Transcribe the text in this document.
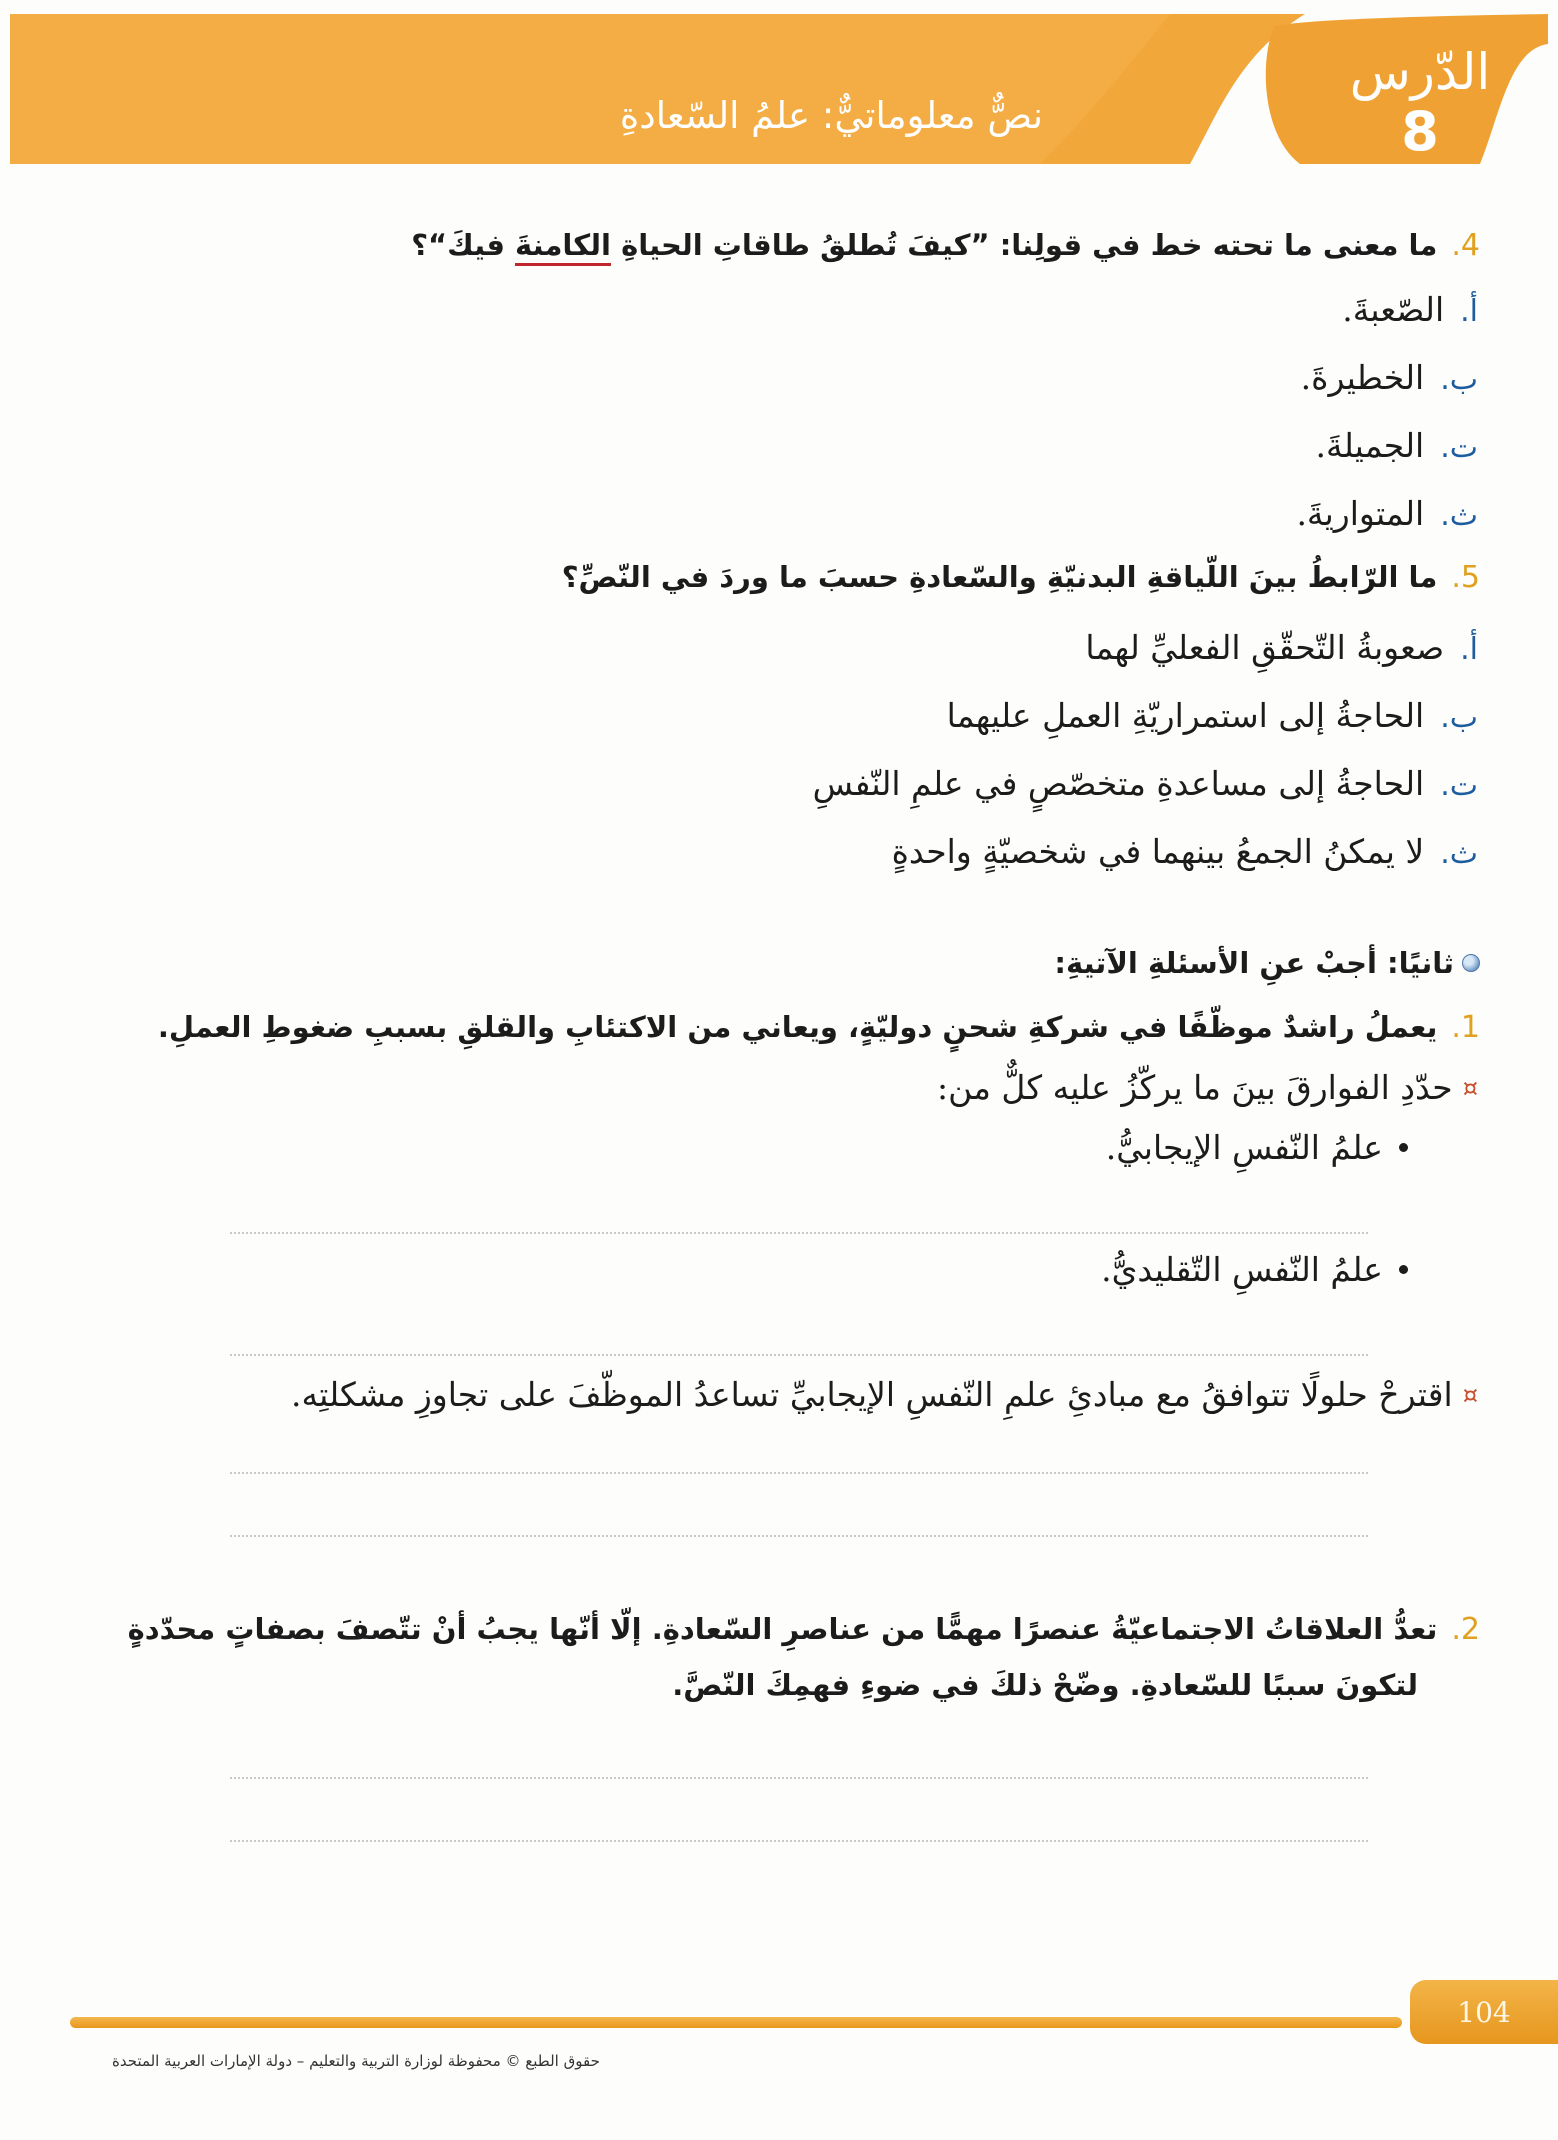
نصٌّ معلوماتيٌّ: علمُ السّعادةِ
الدّرس
8
4.ما معنى ما تحته خط في قولِنا: ”كيفَ تُطلقُ طاقاتِ الحياةِ الكامنةَ فيكَ“؟
أ.الصّعبةَ.
ب.الخطيرةَ.
ت.الجميلةَ.
ث.المتواريةَ.
5.ما الرّابطُ بينَ اللّياقةِ البدنيّةِ والسّعادةِ حسبَ ما وردَ في النّصِّ؟
أ.صعوبةُ التّحقّقِ الفعليِّ لهما
ب.الحاجةُ إلى استمراريّةِ العملِ عليهما
ت.الحاجةُ إلى مساعدةِ متخصّصٍ في علمِ النّفسِ
ث.لا يمكنُ الجمعُ بينهما في شخصيّةٍ واحدةٍ
ثانيًا: أجبْ عنِ الأسئلةِ الآتيةِ:
1.يعملُ راشدٌ موظّفًا في شركةِ شحنٍ دوليّةٍ، ويعاني من الاكتئابِ والقلقِ بسببِ ضغوطِ العملِ.
¤
حدّدِ الفوارقَ بينَ ما يركّزُ عليه كلٌّ من:
علمُ النّفسِ الإيجابيُّ.
علمُ النّفسِ التّقليديُّ.
¤
اقترحْ حلولًا تتوافقُ مع مبادئِ علمِ النّفسِ الإيجابيِّ تساعدُ الموظّفَ على تجاوزِ مشكلتِه.
2.تعدُّ العلاقاتُ الاجتماعيّةُ عنصرًا مهمًّا من عناصرِ السّعادةِ. إلّا أنّها يجبُ أنْ تتّصفَ بصفاتٍ محدّدةٍ
لتكونَ سببًا للسّعادةِ. وضّحْ ذلكَ في ضوءِ فهمِكَ النّصَّ.
104
حقوق الطبع © محفوظة لوزارة التربية والتعليم – دولة الإمارات العربية المتحدة
